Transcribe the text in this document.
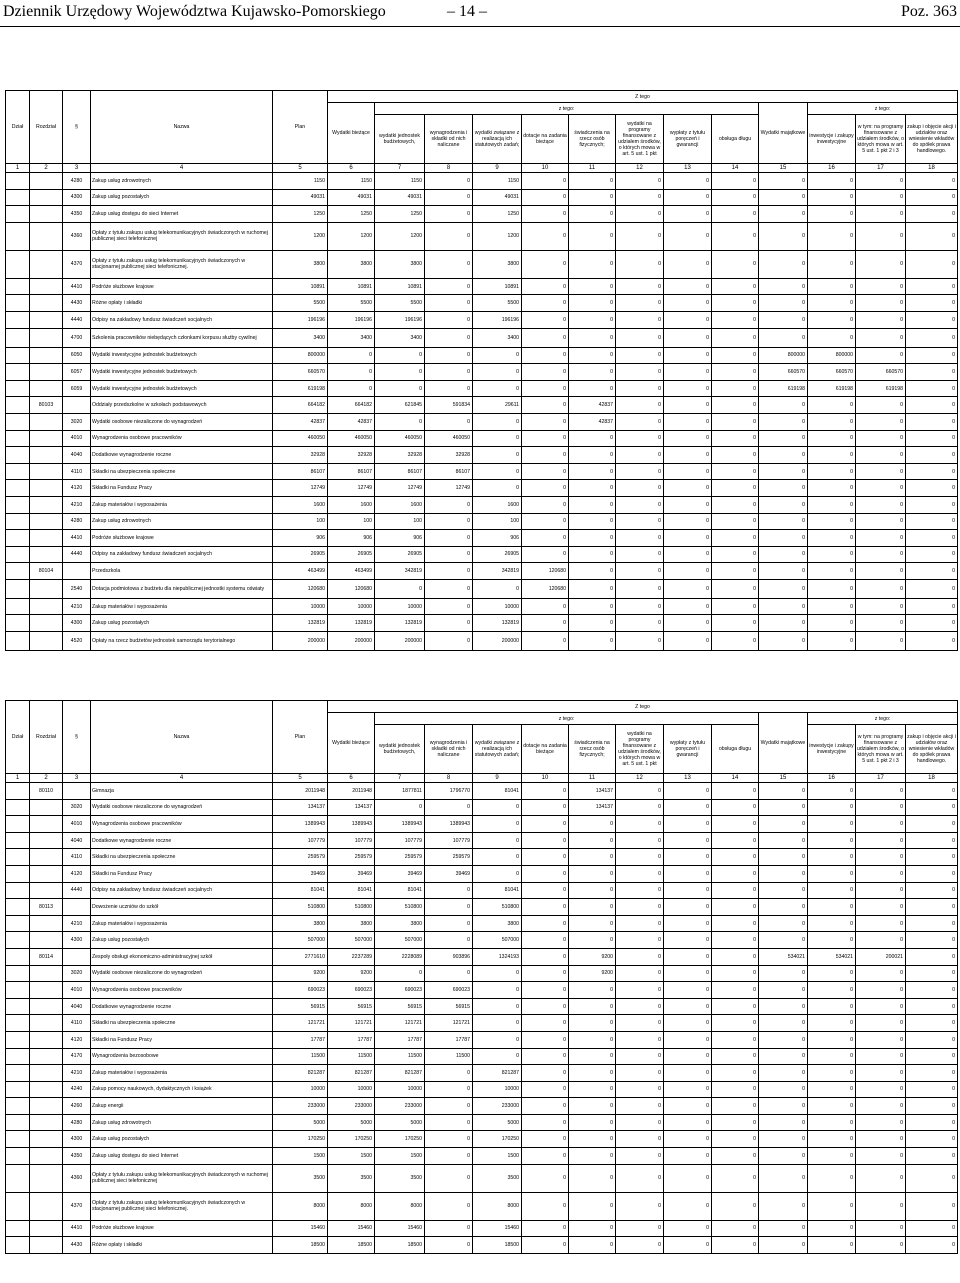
Dziennik Urzędowy Województwa Kujawsko-Pomorskiego	– 14 –	Poz. 363
Dział	Rozdział	§	Nazwa	Plan	Z tego												
					Wydatki bieżące	z tego:								Wydatki majątkowe	z tego:		
						wydatki jednostek budżetowych,	wynagrodzenia i składki od nich naliczane	wydatki związane z realizacją ich statutowych zadań;	dotacje na zadania bieżące	świadczenia na rzecz osób fizycznych;	wydatki na programy finansowane z udziałem środków, o których mowa w art. 5 ust. 1 pkt	wypłaty z tytułu poręczeń i gwarancji	obsługa długu		inwestycje i zakupy inwestycyjne	w tym: na programy finansowane z udziałem środków, o których mowa w art. 5 ust. 1 pkt 2 i 3	zakup i objęcie akcji i udziałów oraz wniesienie wkładów do spółek prawa handlowego.
1	2	3	4	5	6	7	8	9	10	11	12	13	14	15	16	17	18
		4280	Zakup usług zdrowotnych	1150	1150	1150	0	1150	0	0	0	0	0	0	0	0	0
		4300	Zakup usług pozostałych	49031	49031	49031	0	49031	0	0	0	0	0	0	0	0	0
		4350	Zakup usług dostępu do sieci Internet	1250	1250	1250	0	1250	0	0	0	0	0	0	0	0	0
		4360	Opłaty z tytułu zakupu usług telekomunikacyjnych świadczonych w ruchomej publicznej sieci telefonicznej	1200	1200	1200	0	1200	0	0	0	0	0	0	0	0	0
		4370	Opłaty z tytułu zakupu usług telekomunikacyjnych świadczonych w stacjonarnej publicznej sieci telefonicznej.	3800	3800	3800	0	3800	0	0	0	0	0	0	0	0	0
		4410	Podróże służbowe krajowe	10891	10891	10891	0	10891	0	0	0	0	0	0	0	0	0
		4430	Różne opłaty i składki	5500	5500	5500	0	5500	0	0	0	0	0	0	0	0	0
		4440	Odpisy na zakładowy fundusz świadczeń socjalnych	196196	196196	196196	0	196196	0	0	0	0	0	0	0	0	0
		4700	Szkolenia pracowników niebędących członkami korpusu służby cywilnej	3400	3400	3400	0	3400	0	0	0	0	0	0	0	0	0
		6050	Wydatki inwestycyjne jednostek budżetowych	800000	0	0	0	0	0	0	0	0	0	800000	800000	0	0
		6057	Wydatki inwestycyjne jednostek budżetowych	660570	0	0	0	0	0	0	0	0	0	660570	660570	660570	0
		6059	Wydatki inwestycyjne jednostek budżetowych	619198	0	0	0	0	0	0	0	0	0	619198	619198	619198	0
	80103		Oddziały przedszkolne w szkołach podstawowych	664182	664182	621845	591834	29611	0	42837	0	0	0	0	0	0	0
		3020	Wydatki osobowe niezaliczone do wynagrodzeń	42837	42837	0	0	0	0	42837	0	0	0	0	0	0	0
		4010	Wynagrodzenia osobowe pracowników	460050	460050	460050	460050	0	0	0	0	0	0	0	0	0	0
		4040	Dodatkowe wynagrodzenie roczne	32928	32928	32928	32928	0	0	0	0	0	0	0	0	0	0
		4110	Składki na ubezpieczenia społeczne	86107	86107	86107	86107	0	0	0	0	0	0	0	0	0	0
		4120	Składki na Fundusz Pracy	12749	12749	12749	12749	0	0	0	0	0	0	0	0	0	0
		4210	Zakup materiałów i wyposażenia	1600	1600	1600	0	1600	0	0	0	0	0	0	0	0	0
		4280	Zakup usług zdrowotnych	100	100	100	0	100	0	0	0	0	0	0	0	0	0
		4410	Podróże służbowe krajowe	906	906	906	0	906	0	0	0	0	0	0	0	0	0
		4440	Odpisy na zakładowy fundusz świadczeń socjalnych	26905	26905	26905	0	26905	0	0	0	0	0	0	0	0	0
	80104		Przedszkola	463499	463499	342819	0	342819	120680	0	0	0	0	0	0	0	0
		2540	Dotacja podmiotowa z budżetu dla niepublicznej jednostki systemu oświaty	120680	120680	0	0	0	120680	0	0	0	0	0	0	0	0
		4210	Zakup materiałów i wyposażenia	10000	10000	10000	0	10000	0	0	0	0	0	0	0	0	0
		4300	Zakup usług pozostałych	132819	132819	132819	0	132819	0	0	0	0	0	0	0	0	0
		4520	Opłaty na rzecz budżetów jednostek samorządu terytorialnego	200000	200000	200000	0	200000	0	0	0	0	0	0	0	0	0
Dział	Rozdział	§	Nazwa	Plan	Z tego												
					Wydatki bieżące	z tego:								Wydatki majątkowe	z tego:		
						wydatki jednostek budżetowych,	wynagrodzenia i składki od nich naliczane	wydatki związane z realizacją ich statutowych zadań;	dotacje na zadania bieżące	świadczenia na rzecz osób fizycznych;	wydatki na programy finansowane z udziałem środków, o których mowa w art. 5 ust. 1 pkt	wypłaty z tytułu poręczeń i gwarancji	obsługa długu		inwestycje i zakupy inwestycyjne	w tym: na programy finansowane z udziałem środków, o których mowa w art. 5 ust. 1 pkt 2 i 3	zakup i objęcie akcji i udziałów oraz wniesienie wkładów do spółek prawa handlowego.
1	2	3	4	5	6	7	8	9	10	11	12	13	14	15	16	17	18
	80110		Gimnazja	2011948	2011948	1877811	1796770	81041	0	134137	0	0	0	0	0	0	0
		3020	Wydatki osobowe niezaliczone do wynagrodzeń	134137	134137	0	0	0	0	134137	0	0	0	0	0	0	0
		4010	Wynagrodzenia osobowe pracowników	1389943	1389943	1389943	1389943	0	0	0	0	0	0	0	0	0	0
		4040	Dodatkowe wynagrodzenie roczne	107779	107779	107779	107779	0	0	0	0	0	0	0	0	0	0
		4110	Składki na ubezpieczenia społeczne	259579	259579	259579	259579	0	0	0	0	0	0	0	0	0	0
		4120	Składki na Fundusz Pracy	39469	39469	39469	39469	0	0	0	0	0	0	0	0	0	0
		4440	Odpisy na zakładowy fundusz świadczeń socjalnych	81041	81041	81041	0	81041	0	0	0	0	0	0	0	0	0
	80113		Dowożenie uczniów do szkół	510800	510800	510800	0	510800	0	0	0	0	0	0	0	0	0
		4210	Zakup materiałów i wyposażenia	3800	3800	3800	0	3800	0	0	0	0	0	0	0	0	0
		4300	Zakup usług pozostałych	507000	507000	507000	0	507000	0	0	0	0	0	0	0	0	0
	80114		Zespoły obsługi ekonomiczno-administracyjnej szkół	2771610	2237289	2228089	903896	1324193	0	9200	0	0	0	534021	534021	200021	0
		3020	Wydatki osobowe niezaliczone do wynagrodzeń	9200	9200	0	0	0	0	9200	0	0	0	0	0	0	0
		4010	Wynagrodzenia osobowe pracowników	690023	690023	690023	690023	0	0	0	0	0	0	0	0	0	0
		4040	Dodatkowe wynagrodzenie roczne	56915	56915	56915	56915	0	0	0	0	0	0	0	0	0	0
		4110	Składki na ubezpieczenia społeczne	121721	121721	121721	121721	0	0	0	0	0	0	0	0	0	0
		4120	Składki na Fundusz Pracy	17787	17787	17787	17787	0	0	0	0	0	0	0	0	0	0
		4170	Wynagrodzenia bezosobowe	11500	11500	11500	11500	0	0	0	0	0	0	0	0	0	0
		4210	Zakup materiałów i wyposażenia	821287	821287	821287	0	821287	0	0	0	0	0	0	0	0	0
		4240	Zakup pomocy naukowych, dydaktycznych i książek	10000	10000	10000	0	10000	0	0	0	0	0	0	0	0	0
		4260	Zakup energii	233000	233000	233000	0	233000	0	0	0	0	0	0	0	0	0
		4280	Zakup usług zdrowotnych	5000	5000	5000	0	5000	0	0	0	0	0	0	0	0	0
		4300	Zakup usług pozostałych	170250	170250	170250	0	170250	0	0	0	0	0	0	0	0	0
		4350	Zakup usług dostępu do sieci Internet	1500	1500	1500	0	1500	0	0	0	0	0	0	0	0	0
		4360	Opłaty z tytułu zakupu usług telekomunikacyjnych świadczonych w ruchomej publicznej sieci telefonicznej	3500	3500	3500	0	3500	0	0	0	0	0	0	0	0	0
		4370	Opłaty z tytułu zakupu usług telekomunikacyjnych świadczonych w stacjonarnej publicznej sieci telefonicznej.	8000	8000	8000	0	8000	0	0	0	0	0	0	0	0	0
		4410	Podróże służbowe krajowe	15460	15460	15460	0	15460	0	0	0	0	0	0	0	0	0
		4430	Różne opłaty i składki	18500	18500	18500	0	18500	0	0	0	0	0	0	0	0	0
